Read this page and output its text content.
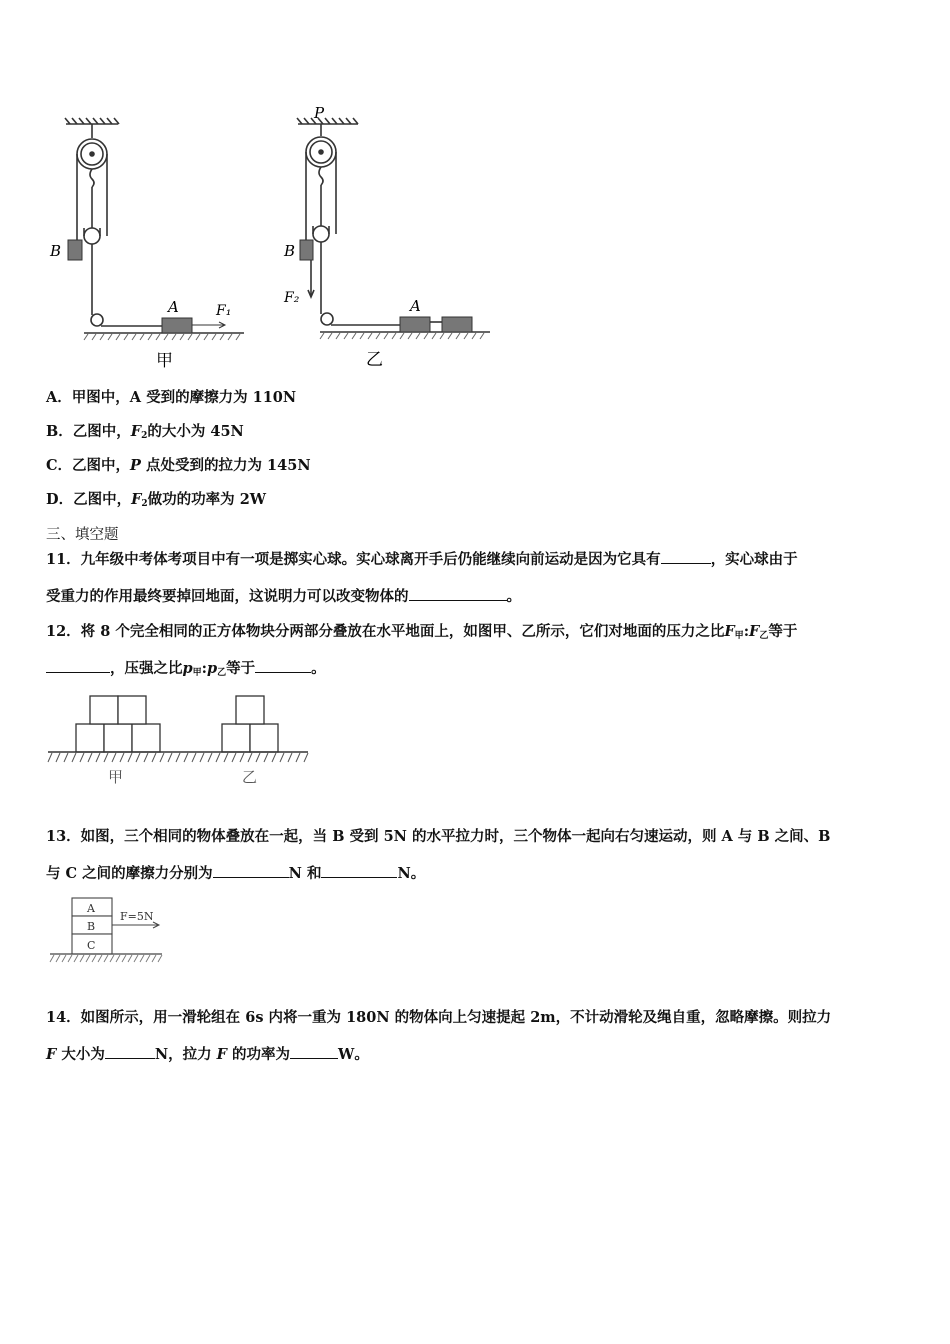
B
A	F₁
甲
P
B
F₂	A
乙
A．甲图中，A 受到的摩擦力为 110N
B．乙图中，$F_2$的大小为 45N
C．乙图中，P 点处受到的拉力为 145N
D．乙图中，$F_2$做功的功率为 2W
三、填空题
11．九年级中考体考项目中有一项是掷实心球。实心球离开手后仍能继续向前运动是因为它具有	，实心球由于
受重力的作用最终要掉回地面，这说明力可以改变物体的	。
12．将 8 个完全相同的正方体物块分两部分叠放在水平地面上，如图甲、乙所示，它们对地面的压力之比$F_甲:F_乙$等于
，压强之比$p_甲:p_乙$等于	。
甲	乙
13．如图，三个相同的物体叠放在一起，当 B 受到 5N 的水平拉力时，三个物体一起向右匀速运动，则 A 与 B 之间、B
与 C 之间的摩擦力分别为	N 和	N。
A
B
C
F=5N
14．如图所示，用一滑轮组在 6s 内将一重为 180N 的物体向上匀速提起 2m，不计动滑轮及绳自重，忽略摩擦。则拉力
F 大小为	N，拉力 F 的功率为	W。
